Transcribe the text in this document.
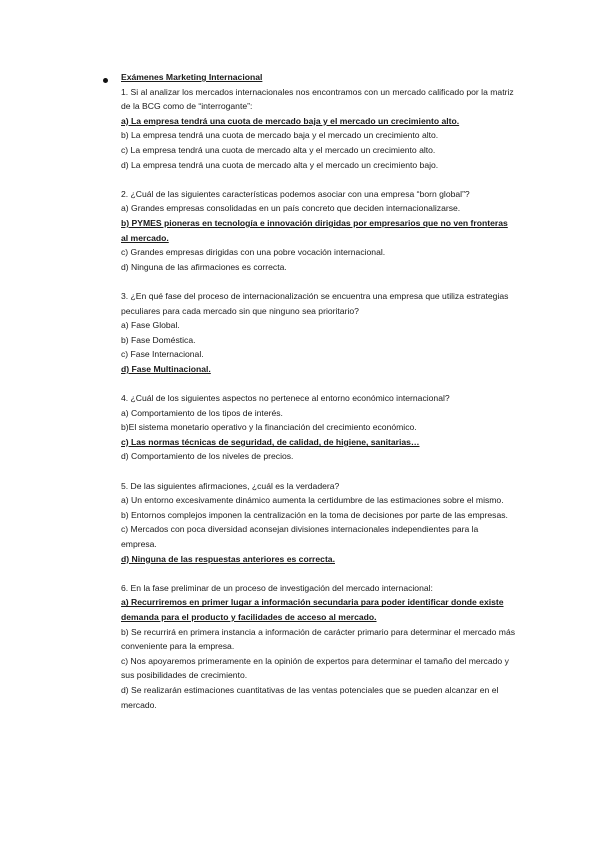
Exámenes Marketing Internacional
1. Si al analizar los mercados internacionales nos encontramos con un mercado calificado por la matriz de la BCG como de “interrogante”:
a) La empresa tendrá una cuota de mercado baja y el mercado un crecimiento alto.
b) La empresa tendrá una cuota de mercado baja y el mercado un crecimiento alto.
c) La empresa tendrá una cuota de mercado alta y el mercado un crecimiento alto.
d) La empresa tendrá una cuota de mercado alta y el mercado un crecimiento bajo.
2. ¿Cuál de las siguientes características podemos asociar con una empresa “born global”?
a) Grandes empresas consolidadas en un país concreto que deciden internacionalizarse.
b) PYMES pioneras en tecnología e innovación dirigidas por empresarios que no ven fronteras al mercado.
c) Grandes empresas dirigidas con una pobre vocación internacional.
d) Ninguna de las afirmaciones es correcta.
3. ¿En qué fase del proceso de internacionalización se encuentra una empresa que utiliza estrategias peculiares para cada mercado sin que ninguno sea prioritario?
a) Fase Global.
b) Fase Doméstica.
c) Fase Internacional.
d) Fase Multinacional.
4. ¿Cuál de los siguientes aspectos no pertenece al entorno económico internacional?
a) Comportamiento de los tipos de interés.
b)El sistema monetario operativo y la financiación del crecimiento económico.
c) Las normas técnicas de seguridad, de calidad, de higiene, sanitarias…
d) Comportamiento de los niveles de precios.
5. De las siguientes afirmaciones, ¿cuál es la verdadera?
a) Un entorno excesivamente dinámico aumenta la certidumbre de las estimaciones sobre el mismo.
b) Entornos complejos imponen la centralización en la toma de decisiones por parte de las empresas.
c) Mercados con poca diversidad aconsejan divisiones internacionales independientes para la empresa.
d) Ninguna de las respuestas anteriores es correcta.
6. En la fase preliminar de un proceso de investigación del mercado internacional:
a) Recurriremos en primer lugar a información secundaria para poder identificar donde existe demanda para el producto y facilidades de acceso al mercado.
b) Se recurrirá en primera instancia a información de carácter primario para determinar el mercado más conveniente para la empresa.
c) Nos apoyaremos primeramente en la opinión de expertos para determinar el tamaño del mercado y sus posibilidades de crecimiento.
d) Se realizarán estimaciones cuantitativas de las ventas potenciales que se pueden alcanzar en el mercado.
